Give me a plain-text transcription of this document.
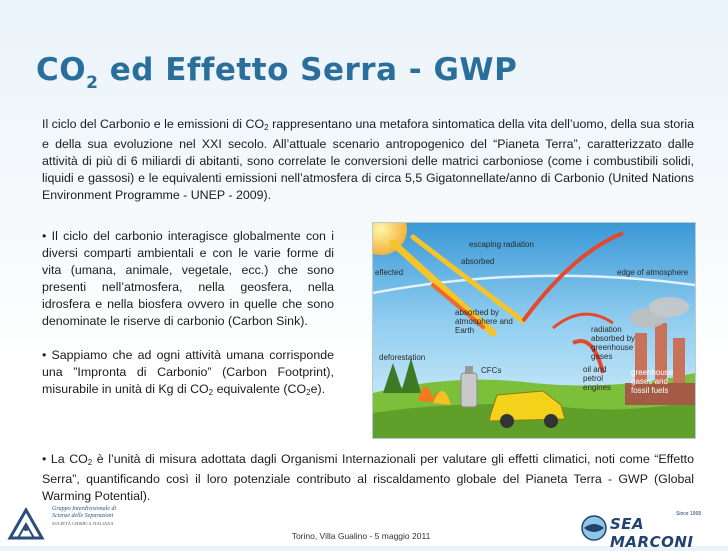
$CO_2$ ed Effetto Serra - GWP

Il ciclo del Carbonio e le emissioni di $CO_2$ rappresentano una metafora sintomatica della vita dell’uomo, della sua storia e della sua evoluzione nel XXI secolo. All’attuale scenario antropogenico del “Pianeta Terra”, caratterizzato dalle attività di più di 6 miliardi di abitanti, sono correlate le conversioni delle matrici carboniose (come i combustibili solidi, liquidi e gassosi) e le equivalenti emissioni nell’atmosfera di circa 5,5 Gigatonnellate/anno di Carbonio (United Nations Environment Programme - UNEP - 2009).

• Il ciclo del carbonio interagisce globalmente con i diversi comparti ambientali e con le varie forme di vita (umana, animale, vegetale, ecc.) che sono presenti nell’atmosfera, nella geosfera, nella idrosfera e nella biosfera ovvero in quelle che sono denominate le riserve di carbonio (Carbon Sink).

• Sappiamo che ad ogni attività umana corrisponde una ”Impronta di Carbonio” (Carbon Footprint), misurabile in unità di Kg di $CO_2$ equivalente $(CO_2e)$.

escaping radiation
absorbed
eflected	edge of atmosphere
absorbed by
atmosphere and
Earth	radiation
absorbed by
greenhouse
gases
deforestation
CFCs	oil and
petrol
engines
greenhouse
gases and
fossil fuels

• La $CO_2$ è l’unità di misura adottata dagli Organismi Internazionali per valutare gli effetti climatici, noti come “Effetto Serra”, quantificando così il loro potenziale contributo al riscaldamento globale del Pianeta Terra - GWP (Global Warming Potential).

Gruppo Interdivisionale di
Scienze delle Separazioni
SOCIETÀ CHIMICA ITALIANA
Torino, Villa Gualino - 5 maggio 2011
SEA MARCONI
Since 1968
